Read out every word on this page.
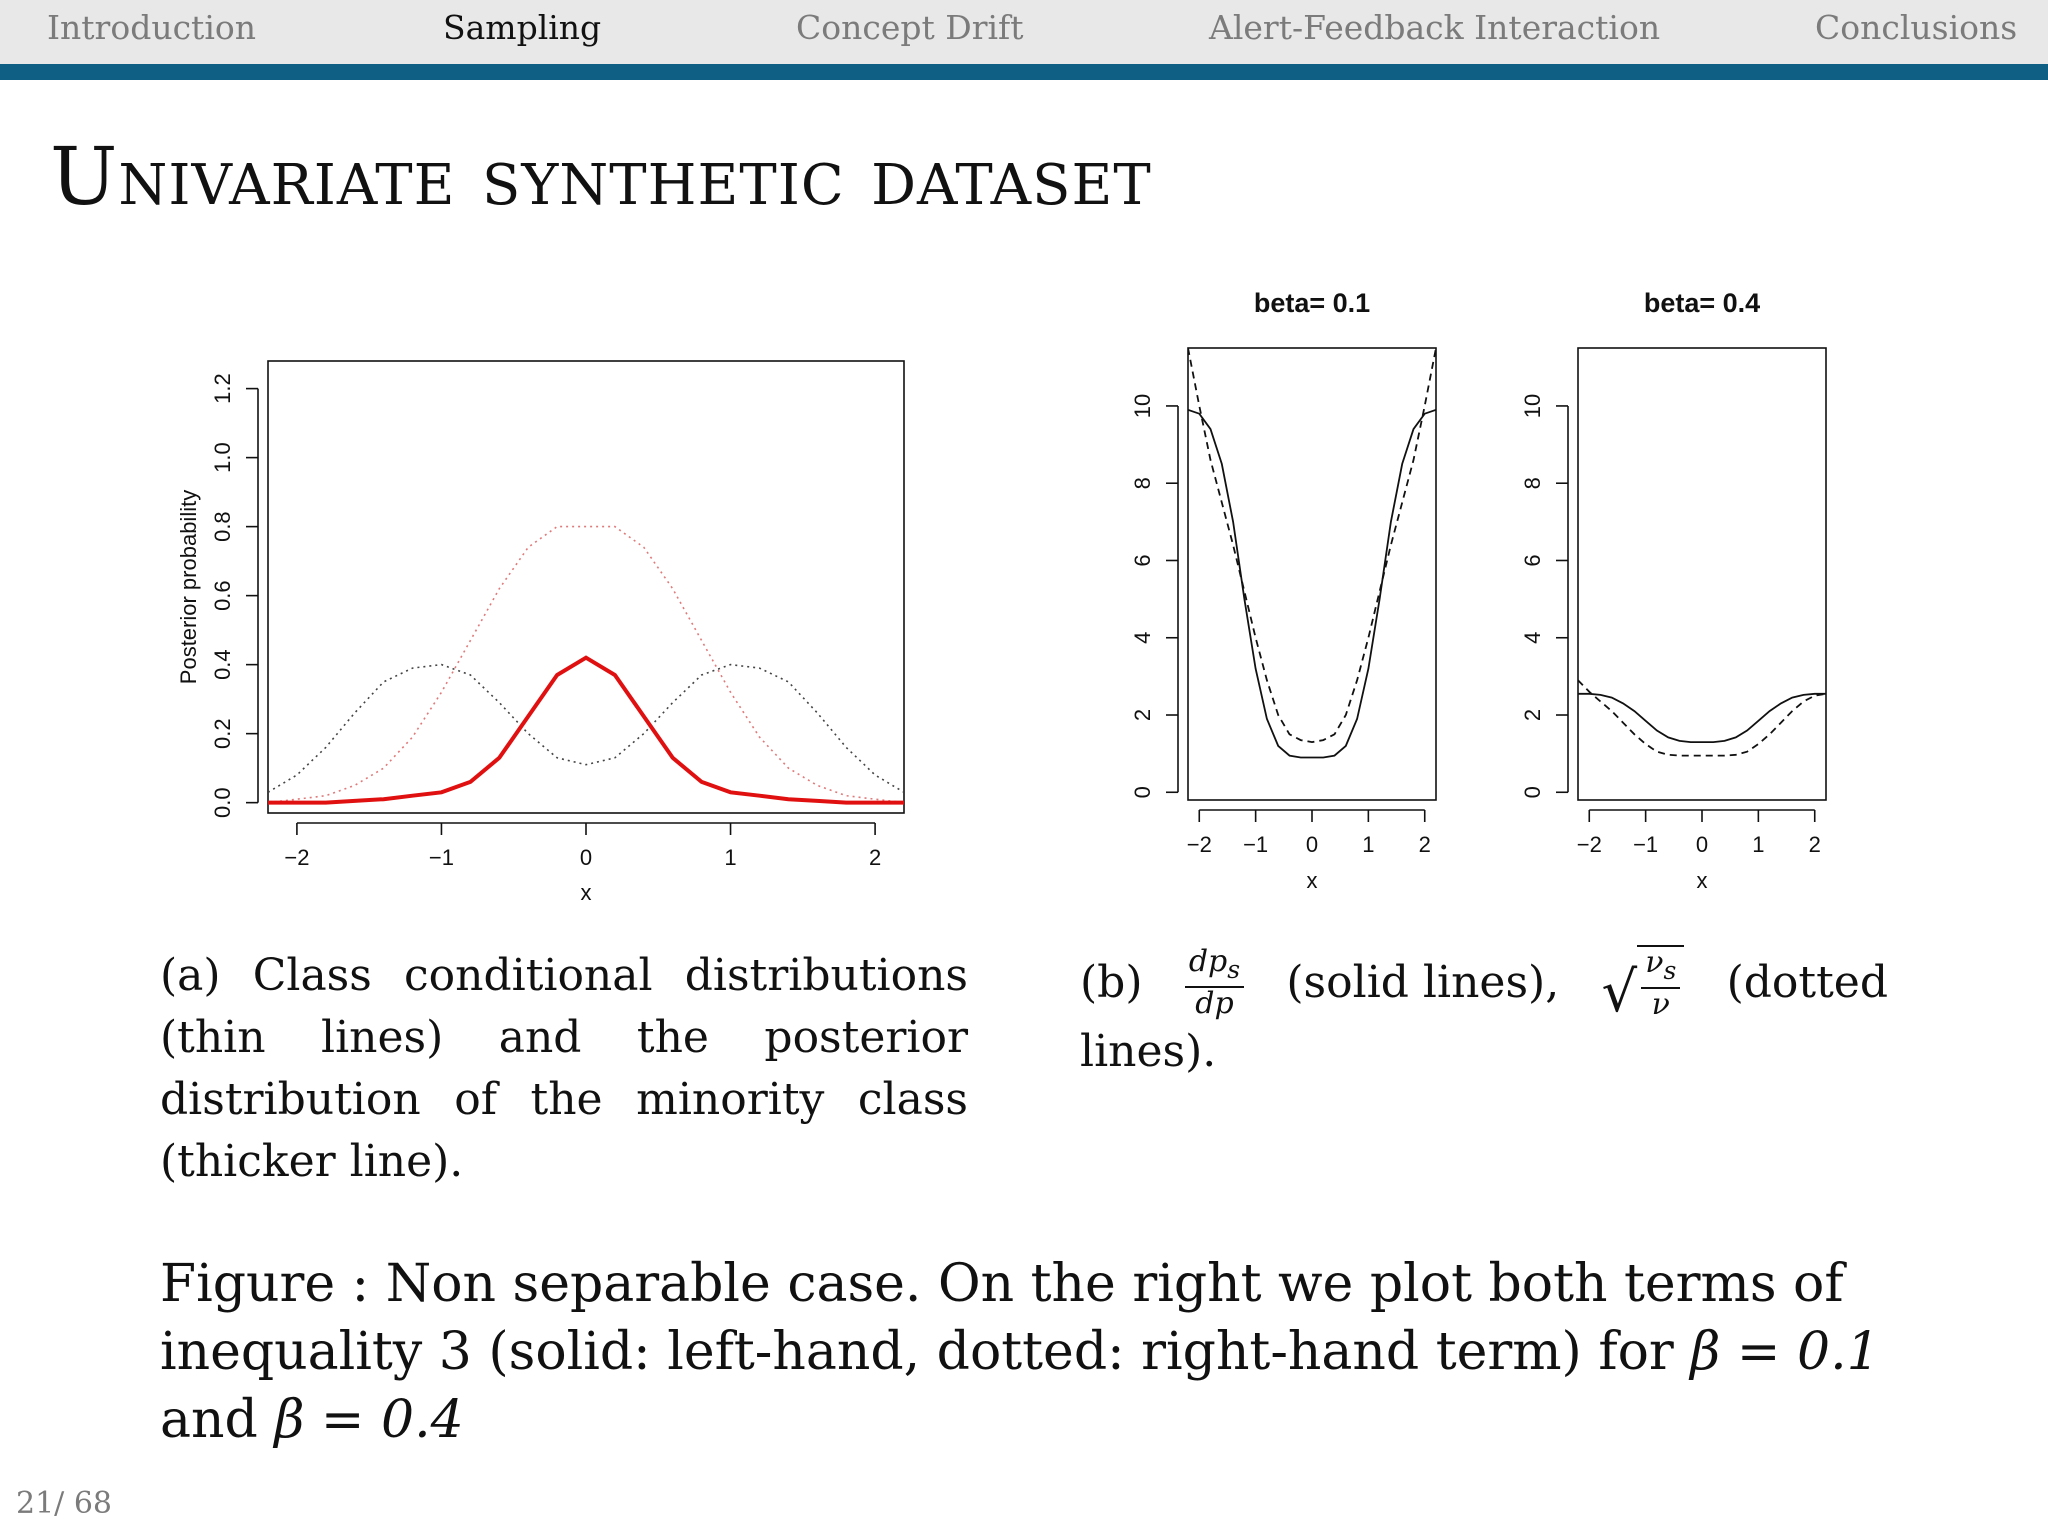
Introduction	Sampling	Concept Drift	Alert-Feedback Interaction	Conclusions
Univariate synthetic dataset
−2	−1	0	1	2
0.0
0.2
0.4
0.6
0.8
1.0
1.2
x
Posterior probability
−2 −1 0 1 2
0
2
4
6
8
10
beta= 0.1
x
−2 −1 0 1 2
0
2
4
6
8
10
beta= 0.4
x
(a) Class conditional distributions (thin lines) and the posterior distribution of the minority class (thicker line).
$(b) \frac{dp_s}{dp}$ (solid lines), √ $\frac{\nu_s}{\nu}$ (dotted
lines).
Figure : Non separable case. On the right we plot both terms of
inequality 3 (solid: left-hand, dotted: right-hand term) for β = 0.1
and β = 0.4
21/ 68
